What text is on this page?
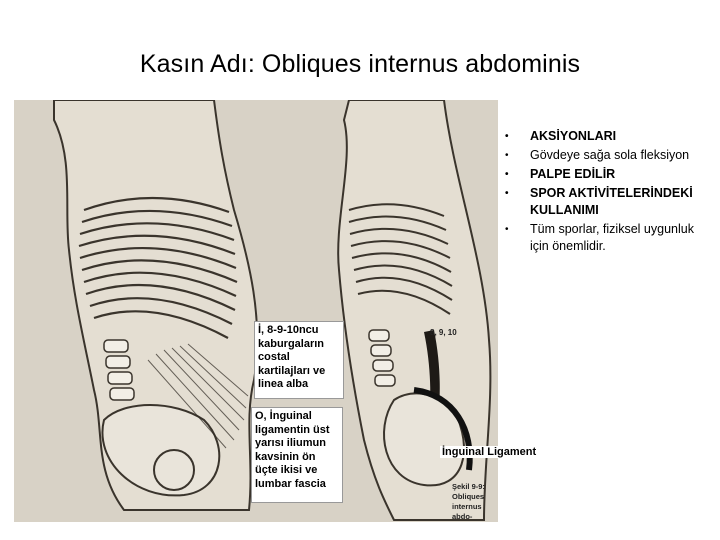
Kasın Adı: Obliques internus abdominis
8, 9, 10
Şekil 9-9: Obliques internus abdo-
• AKSİYONLARI
• Gövdeye sağa sola fleksiyon
• PALPE EDİLİR
• SPOR AKTİVİTELERİNDEKİ KULLANIMI
• Tüm sporlar, fiziksel uygunluk için önemlidir.
İ, 8-9-10ncu kaburgaların costal kartilajları ve linea alba
O, İnguinal ligamentin üst yarısı iliumun kavsinin ön üçte ikisi ve lumbar fascia
İnguinal Ligament
